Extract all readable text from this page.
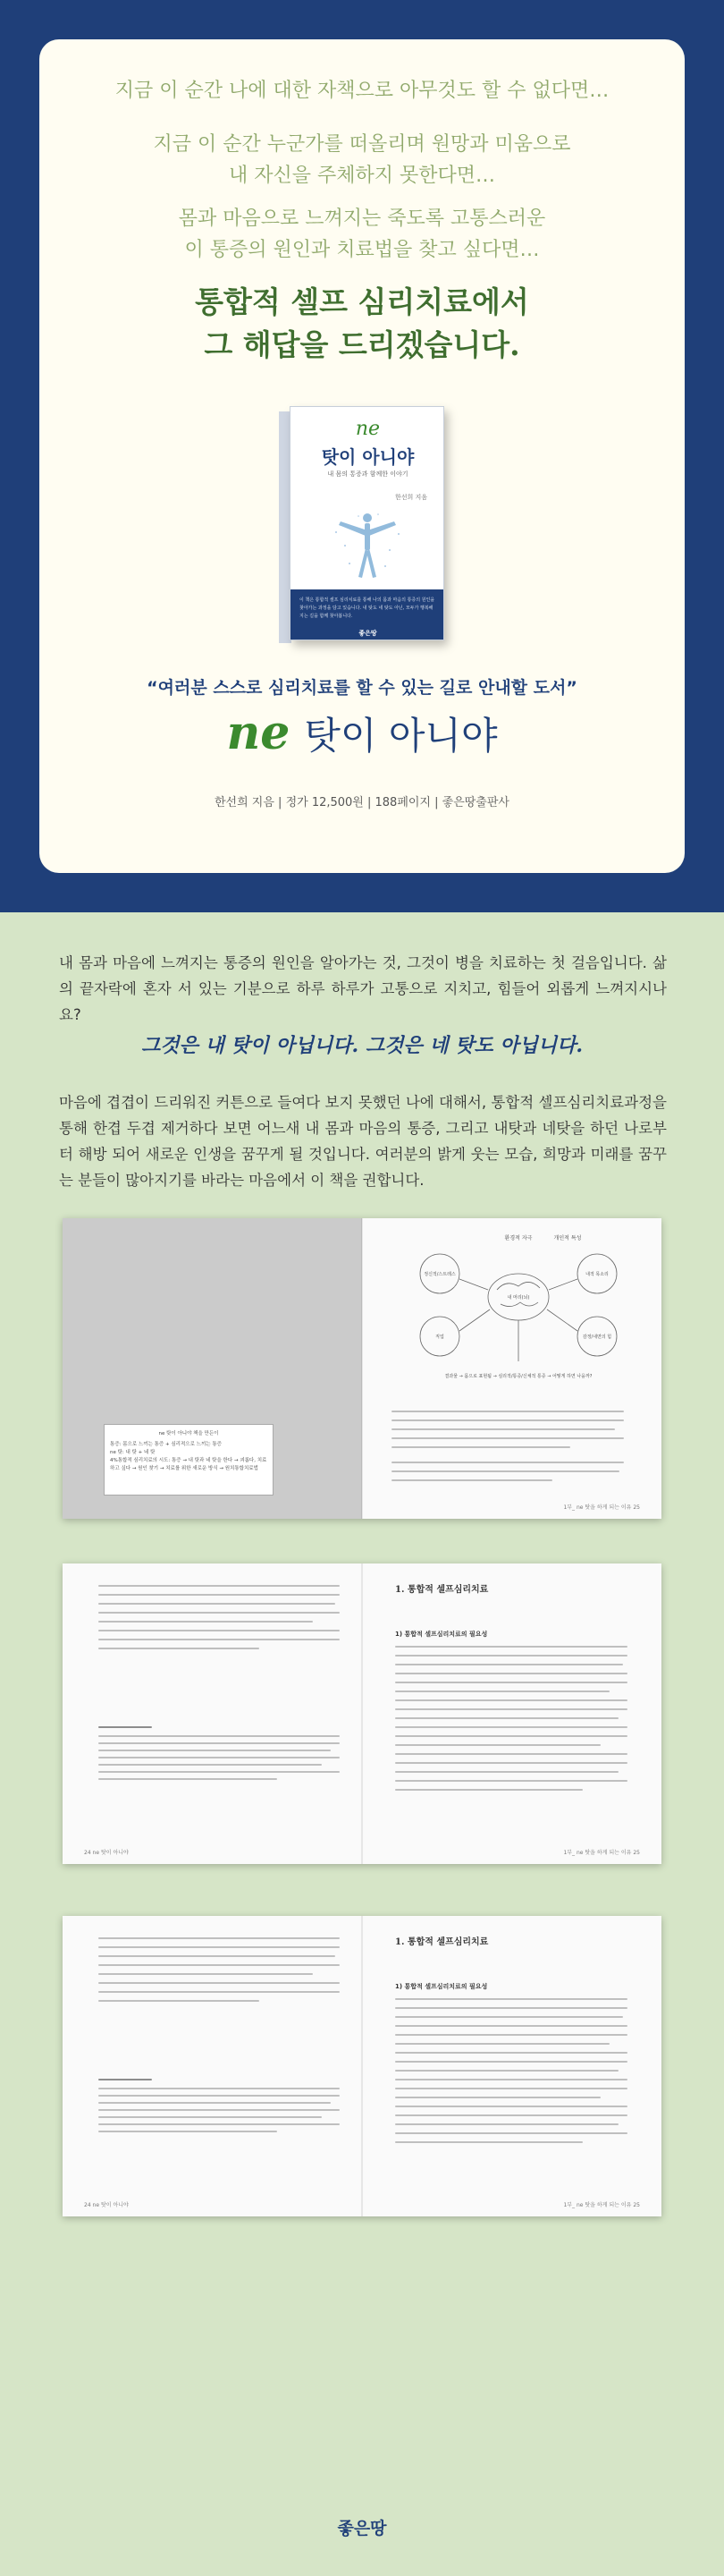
지금 이 순간 나에 대한 자책으로 아무것도 할 수 없다면…
지금 이 순간 누군가를 떠올리며 원망과 미움으로
내 자신을 주체하지 못한다면…
몸과 마음으로 느껴지는 죽도록 고통스러운
이 통증의 원인과 치료법을 찾고 싶다면…
통합적 셀프 심리치료에서
그 해답을 드리겠습니다.
ne
탓이 아니야
내 몸의 통증과 함께한 이야기
한선희 지음
이 책은 통합적 셀프 심리치료를 통해 나의 몸과 마음의 통증의 원인을 찾아가는 과정을 담고 있습니다. 내 탓도 네 탓도 아닌, 모두가 행복해지는 길을 함께 찾아봅니다.
좋은땅
“여러분 스스로 심리치료를 할 수 있는 길로 안내할 도서”
ne 탓이 아니야
한선희 지음 | 정가 12,500원 | 188페이지 | 좋은땅출판사
내 몸과 마음에 느껴지는 통증의 원인을 알아가는 것, 그것이 병을 치료하는 첫 걸음입니다. 삶의 끝자락에 혼자 서 있는 기분으로 하루 하루가 고통으로 지치고, 힘들어 외롭게 느껴지시나요?
그것은 내 탓이 아닙니다. 그것은 네 탓도 아닙니다.
마음에 겹겹이 드리워진 커튼으로 들여다 보지 못했던 나에 대해서, 통합적 셀프심리치료과정을 통해 한겹 두겹 제거하다 보면 어느새 내 몸과 마음의 통증, 그리고 내탓과 네탓을 하던 나로부터 해방 되어 새로운 인생을 꿈꾸게 될 것입니다. 여러분의 밝게 웃는 모습, 희망과 미래를 꿈꾸는 분들이 많아지기를 바라는 마음에서 이 책을 권합니다.
ne 탓이 아니야 책을 만든이
통증: 몸으로 느끼는 통증 + 심리적으로 느끼는 통증
ne 탓: 내 탓 + 네 탓
4%통합적 심리치료의 시도: 통증 → 내 탓과 네 탓을 한다 → 괴롭다, 치료하고 싶다 → 원인 찾기 → 치료를 위한 새로운 방식 → 원치통합치료법
환경적 자극	개인적 특성
정신적/스트레스	내적 목소리
내 머리(뇌)
직업	감정/내면의 힘
결과물 → 몸으로 표현됨 → 심리적/통증/신체적 통증 → 어떻게 하면 나을까?
1부_ ne 탓을 하게 되는 이유 25
24 ne 탓이 아니야
1. 통합적 셀프심리치료
1) 통합적 셀프심리치료의 필요성
1부_ ne 탓을 하게 되는 이유 25
24 ne 탓이 아니야
1. 통합적 셀프심리치료
1) 통합적 셀프심리치료의 필요성
1부_ ne 탓을 하게 되는 이유 25
좋은땅
